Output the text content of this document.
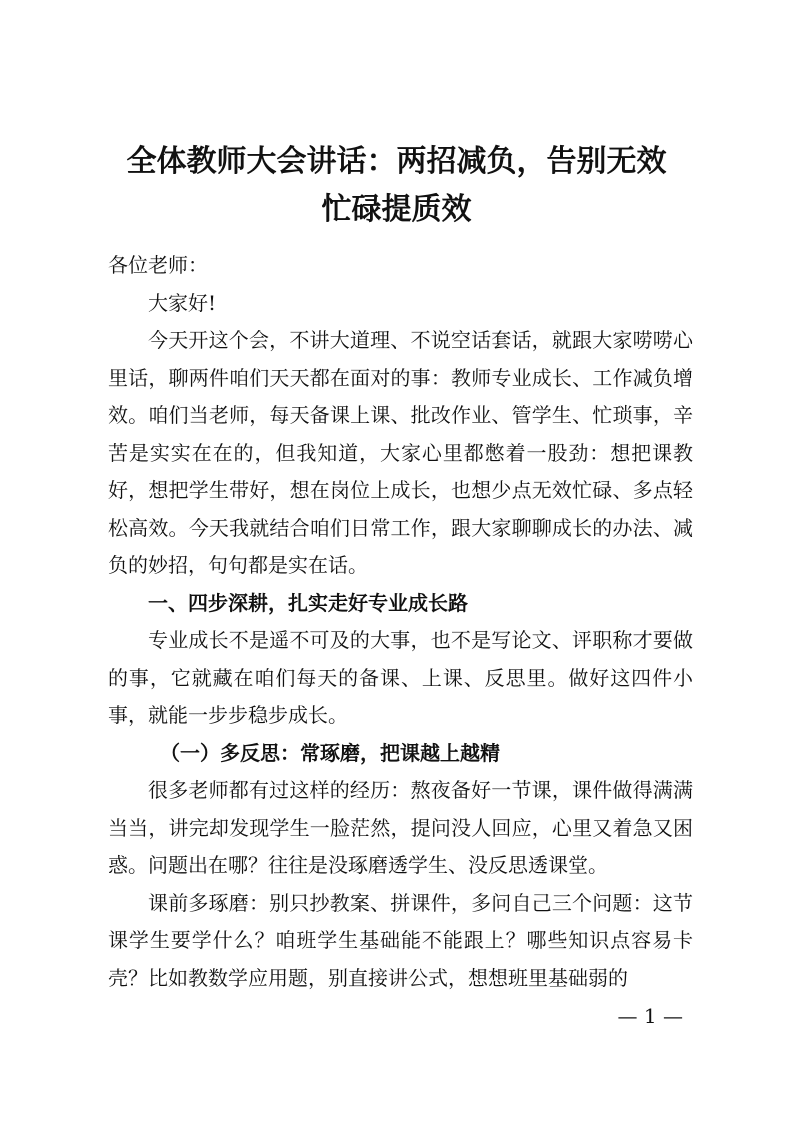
全体教师大会讲话：两招减负，告别无效
忙碌提质效

各位老师：

大家好!

今天开这个会，不讲大道理、不说空话套话，就跟大家唠唠心里话，聊两件咱们天天都在面对的事：教师专业成长、工作减负增效。咱们当老师，每天备课上课、批改作业、管学生、忙琐事，辛苦是实实在在的，但我知道，大家心里都憋着一股劲：想把课教好，想把学生带好，想在岗位上成长，也想少点无效忙碌、多点轻松高效。今天我就结合咱们日常工作，跟大家聊聊成长的办法、减负的妙招，句句都是实在话。

一、四步深耕，扎实走好专业成长路

专业成长不是遥不可及的大事，也不是写论文、评职称才要做的事，它就藏在咱们每天的备课、上课、反思里。做好这四件小事，就能一步步稳步成长。

（一）多反思：常琢磨，把课越上越精

很多老师都有过这样的经历：熬夜备好一节课，课件做得满满当当，讲完却发现学生一脸茫然，提问没人回应，心里又着急又困惑。问题出在哪？往往是没琢磨透学生、没反思透课堂。

课前多琢磨：别只抄教案、拼课件，多问自己三个问题：这节课学生要学什么？咱班学生基础能不能跟上？哪些知识点容易卡壳？比如教数学应用题，别直接讲公式，想想班里基础弱的

— 1 —
